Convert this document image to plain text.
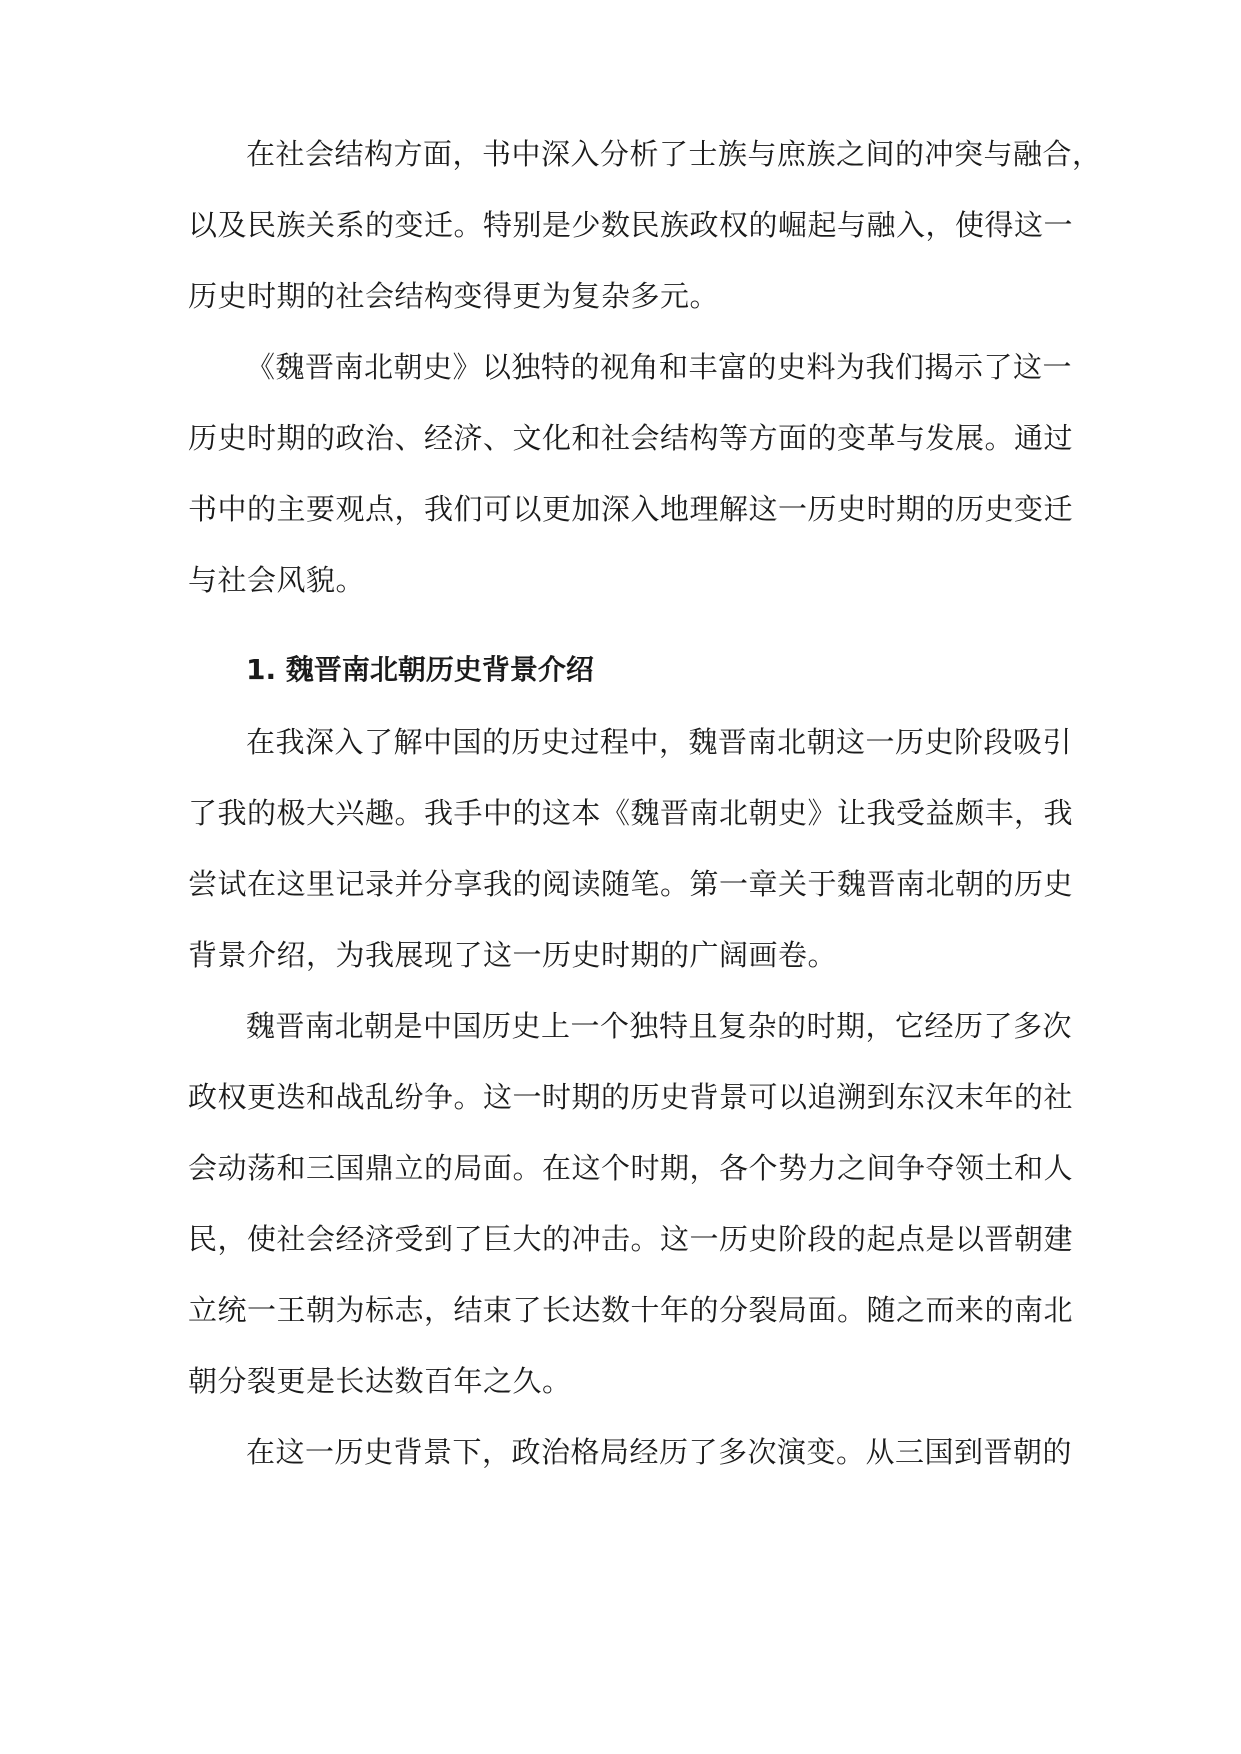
在社会结构方面，书中深入分析了士族与庶族之间的冲突与融合，
以及民族关系的变迁。特别是少数民族政权的崛起与融入，使得这一
历史时期的社会结构变得更为复杂多元。
《魏晋南北朝史》以独特的视角和丰富的史料为我们揭示了这一
历史时期的政治、经济、文化和社会结构等方面的变革与发展。通过
书中的主要观点，我们可以更加深入地理解这一历史时期的历史变迁
与社会风貌。
1. 魏晋南北朝历史背景介绍
在我深入了解中国的历史过程中，魏晋南北朝这一历史阶段吸引
了我的极大兴趣。我手中的这本《魏晋南北朝史》让我受益颇丰，我
尝试在这里记录并分享我的阅读随笔。第一章关于魏晋南北朝的历史
背景介绍，为我展现了这一历史时期的广阔画卷。
魏晋南北朝是中国历史上一个独特且复杂的时期，它经历了多次
政权更迭和战乱纷争。这一时期的历史背景可以追溯到东汉末年的社
会动荡和三国鼎立的局面。在这个时期，各个势力之间争夺领土和人
民，使社会经济受到了巨大的冲击。这一历史阶段的起点是以晋朝建
立统一王朝为标志，结束了长达数十年的分裂局面。随之而来的南北
朝分裂更是长达数百年之久。
在这一历史背景下，政治格局经历了多次演变。从三国到晋朝的
